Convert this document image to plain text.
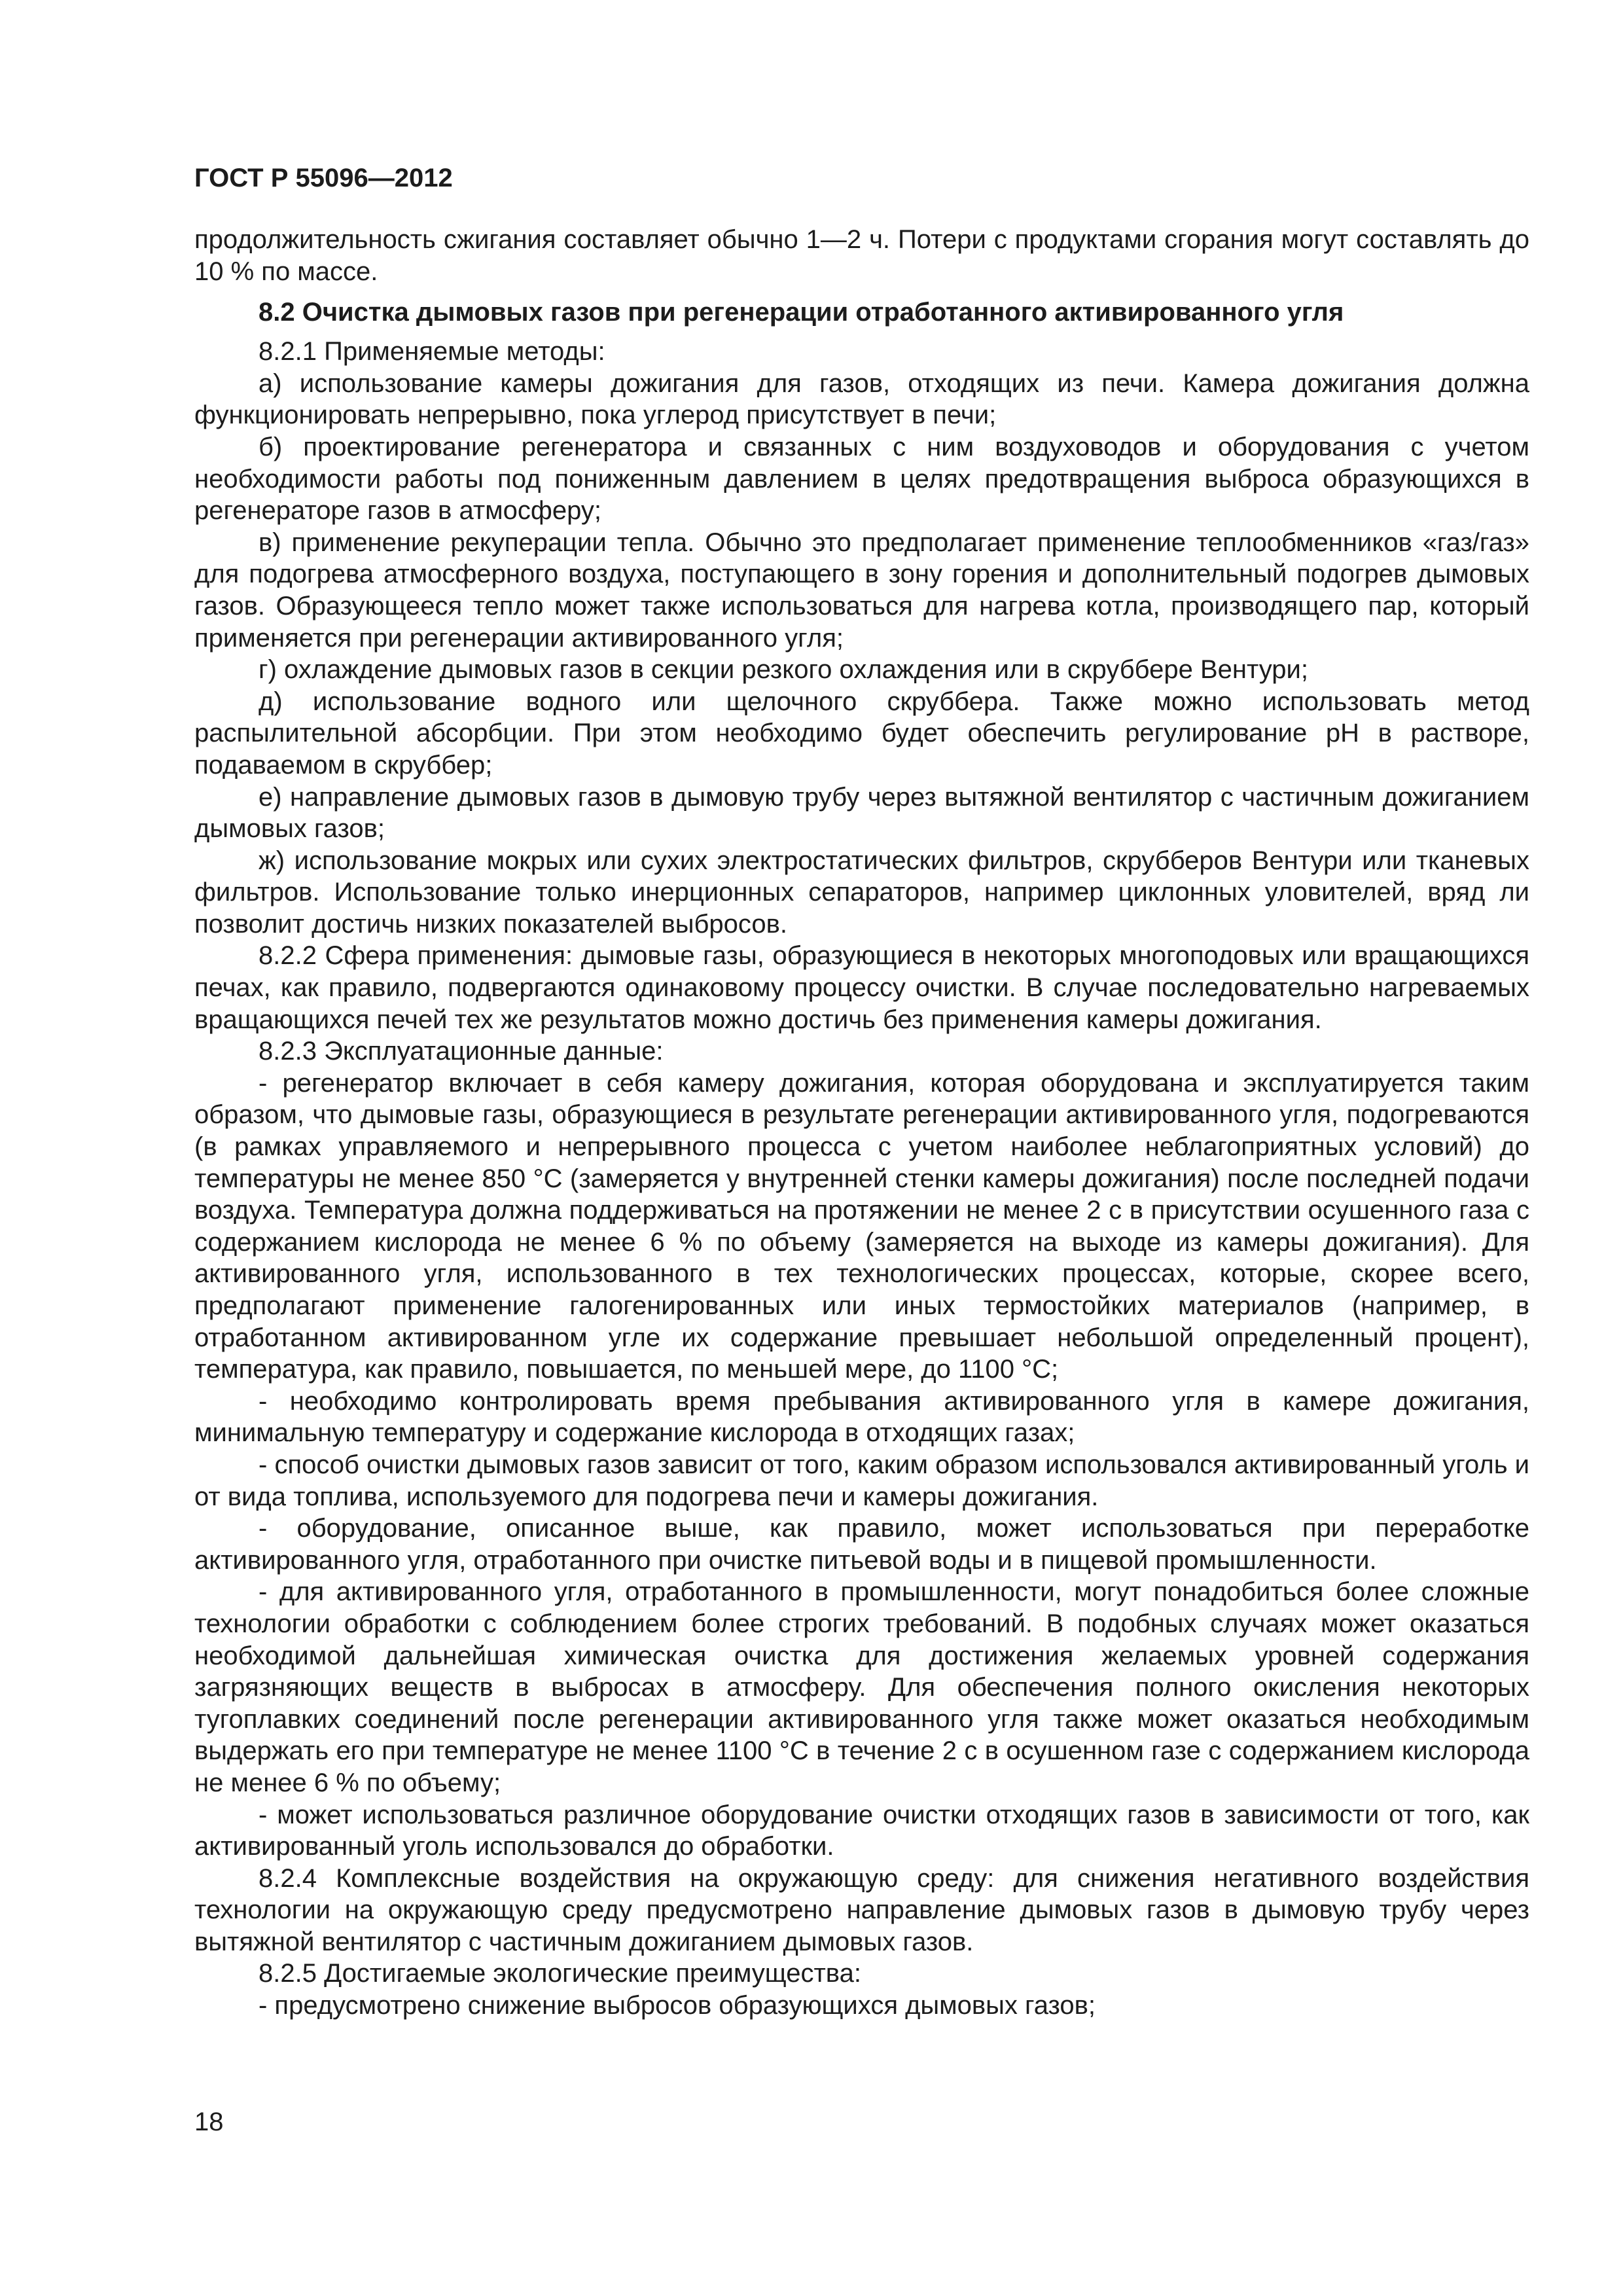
ГОСТ Р 55096—2012

продолжительность сжигания составляет обычно 1—2 ч. Потери с продуктами сгорания могут составлять до 10 % по массе.

8.2 Очистка дымовых газов при регенерации отработанного активированного угля

8.2.1 Применяемые методы:

а) использование камеры дожигания для газов, отходящих из печи. Камера дожигания должна функционировать непрерывно, пока углерод присутствует в печи;

б) проектирование регенератора и связанных с ним воздуховодов и оборудования с учетом необходимости работы под пониженным давлением в целях предотвращения выброса образующихся в регенераторе газов в атмосферу;

в) применение рекуперации тепла. Обычно это предполагает применение теплообменников «газ/газ» для подогрева атмосферного воздуха, поступающего в зону горения и дополнительный подогрев дымовых газов. Образующееся тепло может также использоваться для нагрева котла, производящего пар, который применяется при регенерации активированного угля;

г) охлаждение дымовых газов в секции резкого охлаждения или в скруббере Вентури;

д) использование водного или щелочного скруббера. Также можно использовать метод распылительной абсорбции. При этом необходимо будет обеспечить регулирование pH в растворе, подаваемом в скруббер;

е) направление дымовых газов в дымовую трубу через вытяжной вентилятор с частичным дожиганием дымовых газов;

ж) использование мокрых или сухих электростатических фильтров, скрубберов Вентури или тканевых фильтров. Использование только инерционных сепараторов, например циклонных уловителей, вряд ли позволит достичь низких показателей выбросов.

8.2.2 Сфера применения: дымовые газы, образующиеся в некоторых многоподовых или вращающихся печах, как правило, подвергаются одинаковому процессу очистки. В случае последовательно нагреваемых вращающихся печей тех же результатов можно достичь без применения камеры дожигания.

8.2.3 Эксплуатационные данные:

- регенератор включает в себя камеру дожигания, которая оборудована и эксплуатируется таким образом, что дымовые газы, образующиеся в результате регенерации активированного угля, подогреваются (в рамках управляемого и непрерывного процесса с учетом наиболее неблагоприятных условий) до температуры не менее 850 °С (замеряется у внутренней стенки камеры дожигания) после последней подачи воздуха. Температура должна поддерживаться на протяжении не менее 2 с в присутствии осушенного газа с содержанием кислорода не менее 6 % по объему (замеряется на выходе из камеры дожигания). Для активированного угля, использованного в тех технологических процессах, которые, скорее всего, предполагают применение галогенированных или иных термостойких материалов (например, в отработанном активированном угле их содержание превышает небольшой определенный процент), температура, как правило, повышается, по меньшей мере, до 1100 °С;

- необходимо контролировать время пребывания активированного угля в камере дожигания, минимальную температуру и содержание кислорода в отходящих газах;

- способ очистки дымовых газов зависит от того, каким образом использовался активированный уголь и от вида топлива, используемого для подогрева печи и камеры дожигания.

- оборудование, описанное выше, как правило, может использоваться при переработке активированного угля, отработанного при очистке питьевой воды и в пищевой промышленности.

- для активированного угля, отработанного в промышленности, могут понадобиться более сложные технологии обработки с соблюдением более строгих требований. В подобных случаях может оказаться необходимой дальнейшая химическая очистка для достижения желаемых уровней содержания загрязняющих веществ в выбросах в атмосферу. Для обеспечения полного окисления некоторых тугоплавких соединений после регенерации активированного угля также может оказаться необходимым выдержать его при температуре не менее 1100 °С в течение 2 с в осушенном газе с содержанием кислорода не менее 6 % по объему;

- может использоваться различное оборудование очистки отходящих газов в зависимости от того, как активированный уголь использовался до обработки.

8.2.4 Комплексные воздействия на окружающую среду: для снижения негативного воздействия технологии на окружающую среду предусмотрено направление дымовых газов в дымовую трубу через вытяжной вентилятор с частичным дожиганием дымовых газов.

8.2.5 Достигаемые экологические преимущества:

- предусмотрено снижение выбросов образующихся дымовых газов;

18
